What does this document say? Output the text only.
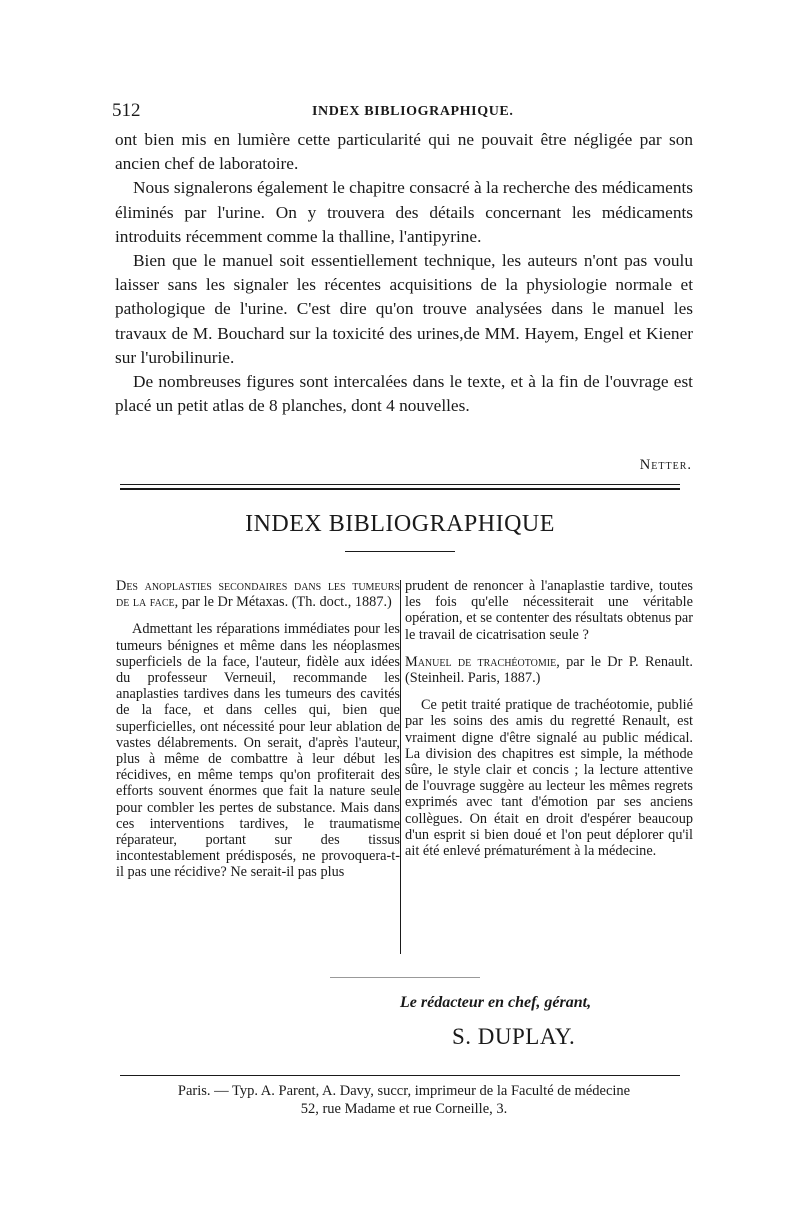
512	INDEX BIBLIOGRAPHIQUE.

ont bien mis en lumière cette particularité qui ne pouvait être négligée par son ancien chef de laboratoire.

Nous signalerons également le chapitre consacré à la recherche des médicaments éliminés par l'urine. On y trouvera des détails concernant les médicaments introduits récemment comme la thalline, l'antipyrine.

Bien que le manuel soit essentiellement technique, les auteurs n'ont pas voulu laisser sans les signaler les récentes acquisitions de la physiologie normale et pathologique de l'urine. C'est dire qu'on trouve analysées dans le manuel les travaux de M. Bouchard sur la toxicité des urines,de MM. Hayem, Engel et Kiener sur l'urobilinurie.

De nombreuses figures sont intercalées dans le texte, et à la fin de l'ouvrage est placé un petit atlas de 8 planches, dont 4 nouvelles.

Netter.
INDEX BIBLIOGRAPHIQUE

Des anoplasties secondaires dans les tumeurs de la face, par le Dr Métaxas. (Th. doct., 1887.)

Admettant les réparations immédiates pour les tumeurs bénignes et même dans les néoplasmes superficiels de la face, l'auteur, fidèle aux idées du professeur Verneuil, recommande les anaplasties tardives dans les tumeurs des cavités de la face, et dans celles qui, bien que superficielles, ont nécessité pour leur ablation de vastes délabrements. On serait, d'après l'auteur, plus à même de combattre à leur début les récidives, en même temps qu'on profiterait des efforts souvent énormes que fait la nature seule pour combler les pertes de substance. Mais dans ces interventions tardives, le traumatisme réparateur, portant sur des tissus incontestablement prédisposés, ne provoquera-t-il pas une récidive? Ne serait-il pas plus

prudent de renoncer à l'anaplastie tardive, toutes les fois qu'elle nécessiterait une véritable opération, et se contenter des résultats obtenus par le travail de cicatrisation seule ?

Manuel de trachéotomie, par le Dr P. Renault. (Steinheil. Paris, 1887.)

Ce petit traité pratique de trachéotomie, publié par les soins des amis du regretté Renault, est vraiment digne d'être signalé au public médical. La division des chapitres est simple, la méthode sûre, le style clair et concis ; la lecture attentive de l'ouvrage suggère au lecteur les mêmes regrets exprimés avec tant d'émotion par ses anciens collègues. On était en droit d'espérer beaucoup d'un esprit si bien doué et l'on peut déplorer qu'il ait été enlevé prématurément à la médecine.

Le rédacteur en chef, gérant,
S. DUPLAY.
Paris. — Typ. A. Parent, A. Davy, succr, imprimeur de la Faculté de médecine
52, rue Madame et rue Corneille, 3.
